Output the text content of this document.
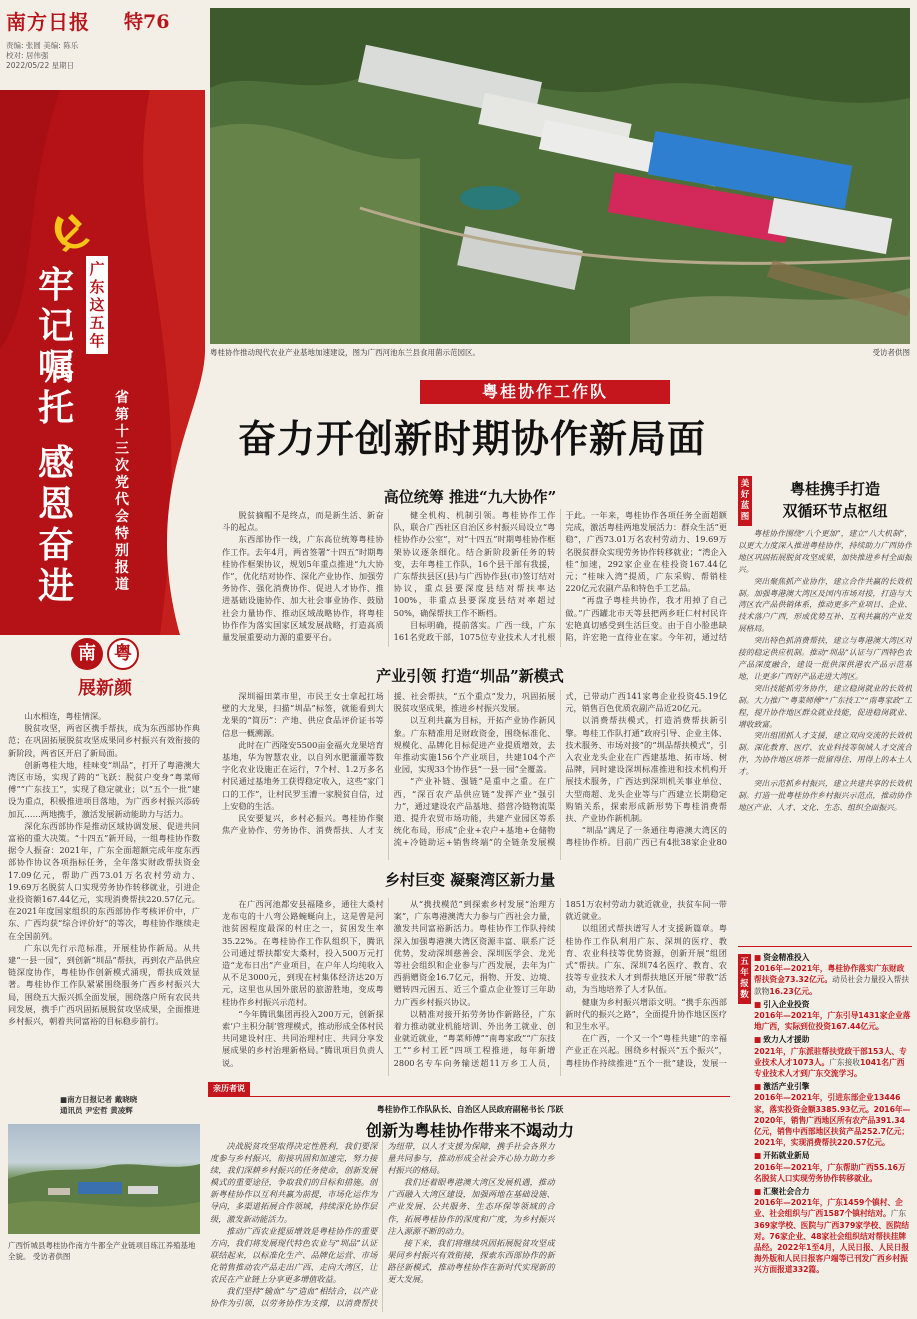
南方日报	特76
责编: 张圆 美编: 陈乐
校对: 居伟强
2022/05/22 星期日
牢
记
嘱
托
感
恩
奋
进
广
东
这
五
年
省
第
十
三
次
党
代
会
特
别
报
道
南	粤
展新颜

山水相连，粤桂情深。

脱贫攻坚，两省区携手帮扶，成为东西部协作典范；在巩固拓展脱贫攻坚成果同乡村振兴有效衔接的新阶段，两省区开启了新局面。

创新粤桂大地，桂味变“圳品”，打开了粤港澳大湾区市场，实现了跨的“飞跃：脱贫户变身“粤菜师傅”“广东技工”，实现了稳定就业；以“五个一批”建设为重点，积极推进项目落地，为广西乡村振兴添砖加瓦……两地携手，激活发展新动能助力与活力。

深化东西部协作是推动区域协调发展、促进共同富裕的重大决策。“十四五”新开局，一组粤桂协作数据令人振奋：2021年，广东全面超额完成年度东西部协作协议各项指标任务，全年落实财政帮扶资金17.09亿元，帮助广西73.01万名农村劳动力、19.69万名脱贫人口实现劳务协作转移就业，引进企业投资额167.44亿元，实现消费帮扶220.57亿元。在2021年度国家组织的东西部协作考核评价中，广东、广西均获“综合评价好”的等次，粤桂协作继续走在全国前列。

广东以先行示范标准，开展桂协作新局。从共建“一县一园”，到创新“圳品”帮扶，再到农产品供应链深度协作，粤桂协作创新模式涌现，帮扶成效显著。粤桂协作工作队紧紧围绕服务广西乡村振兴大局，围绕五大振兴抓全面发展，围绕落户所有农民共同发展，携手广西巩固拓展脱贫攻坚成果，全面推进乡村振兴，朝着共同富裕的目标稳步前行。

■南方日报记者 戴晓晓
通讯员 尹宏哲 黄凌辉
广西忻城县粤桂协作南方牛都全产业链项目练江养殖基地全貌。 受访者供图
粤桂协作推动现代农业产业基地加速建设，图为广西河池东兰县食用菌示范园区。	受访者供图
粤桂协作工作队
奋力开创新时期协作新局面
高位统筹 推进“九大协作”

脱贫摘帽不是终点，而是新生活、新奋斗的起点。

东西部协作一线，广东高位统筹粤桂协作工作。去年4月，两省签署“十四五”时期粤桂协作框架协议，规划5年重点推进“九大协作”，优化结对协作、深化产业协作、加强劳务协作、强化消费协作、促进人才协作、推进基础设施协作、加大社会事业协作、鼓励社会力量协作、推动区域战略协作，将粤桂协作作为落实国家区域发展战略，打造高质量发展重要动力源的重要平台。

健全机构、机制引领。粤桂协作工作队，联合广西社区自治区乡村振兴局设立“粤桂协作办公室”，对“十四五”时期粤桂协作框架协议逐条细化。结合新阶段新任务的转变，去年粤桂工作队，16个县干部有我援，广东帮扶县区(县)与广西协作县(市)签订结对协议，重点县要深度县结对帮扶率达100%，非重点县要深度县结对率超过50%，确保帮扶工作不断档。

目标明确，提前落实。广西一线，广东161名党政干部，1075位专业技术人才扎根于此。一年来，粤桂协作各项任务全面超额完成，激活粤桂两地发展活力：群众生活“更稳”，广西73.01万名农村劳动力、19.69万名脱贫群众实现劳务协作转移就业；“湾企入桂”加速，292家企业在桂投资167.44亿元；“桂味入湾”提质，广东采购、帮销桂220亿元农副产品和特色手工艺品。

“再盘子粤桂共协作，我才用掉了自己做。”广西罐北市天等县把两乡旺仁村村民许宏艳真切感受到生活巨变。由于自小脸患缺陷，许宏艳一直待业在家。今年初，通过结

产业引领 打造“圳品”新模式

深圳福田菜市里，市民王女士拿起扛场壁的大龙果，扫描“圳品”标签，就能看到大龙果的“简历”：产地、供应食品评价证书等信息一概溯源。

此时在广西隆安5500亩金福火龙果培育基地，华为智慧农业，以自列水肥灌灌等数字化农业设施正在运行，7个村、1.2万多名村民通过基地务工获得稳定收入，这些“家门口的工作”，让村民罗玉漕一家脱贫自信，过上安稳的生活。

民安要复兴，乡村必振兴。粤桂协作聚焦产业协作、劳务协作、消费帮扶、人才支援、社会帮扶，“五个重点”发力，巩固拓展脱贫攻坚成果，推进乡村振兴发展。

以互利共赢为目标，开拓产业协作新风象。广东精准用足财政资金，围绕标准化、规模化、品牌化目标促进产业提质增效，去年推动实施156个产业项目，共建104个产业园，实现33个协作县“一县一园”全覆盖。

“产业补链、强链”是重中之重。在广西，“深百农产品供应链”发挥产业“强引力”，通过建设农产品基地、搭营冷链物流渠道、提升农贸市场功能，共建产业园区等系统化布局，形成“企业+农户+基地+仓储物流+冷链助运+销售终端”的全链条发展模式，已带动广西141家粤企业投资45.19亿元，销售百色优质农副产品近20亿元。

以消费帮扶模式，打造消费帮扶新引擎。粤桂工作队打通“政府引导、企业主体、技术服务、市场对接”的“圳品帮扶模式”，引入农业龙头企业在广西建基地、拓市场、树品牌，同时建设深圳标准推进和技术机构开展技术服务，广西达到深圳机关事业单位、大型商超、龙头企业等与广西建立长期稳定购销关系，探索形成新形势下粤桂消费帮扶、产业协作新机制。

“圳品”满足了一条通往粤港澳大湾区的粤桂协作桥。目前广西已有4批38家企业80

乡村巨变 凝聚湾区新力量

在广西河池都安县福隆乡，通往大桑村龙布屯的十八弯公路蜿蜒向上，这是曾是河池贫困程度最深的村庄之一，贫困发生率35.22%。在粤桂协作工作队组织下，腾讯公司通过帮扶都安大桑村，投入500万元打造“龙布日出”产业项目，在户年人均纯收入从不足3000元，到现在村集体经济达20万元，这里也从国外旅居的旅游胜地，变成粤桂协作乡村振兴示范村。

“今年腾讯集团再投入200万元，创新探索‘户主积分制’管理模式，推动形成全体村民共同建设村庄、共同治理村庄、共同分享发展成果的乡村治理新格局。”腾讯项目负责人说。

从“携找模范”到探索乡村发展“治理方案”，广东粤港澳湾大力参与广西社会力量，激发共同富裕新活力。粤桂协作工作队持续深入加强粤港澳大湾区资源丰富、联系广泛优势，发动深圳慈善会、深圳医学会、龙光等社会组织和企业参与广西发展，去年为广西捐赠资金16.7亿元，捐物、开发、边境、赠转四元困五、近三个重点企业签订三年助力广西乡村振兴协议。

以精准对接开拓劳务协作新路径，广东着力推动就业机能培训、外出务工就业、创业就近就业，“粤菜师傅”“南粤家政”“广东技工”“乡村工匠”四项工程推进，每年新增2800名专车向务输送超11万乡工人员，1851万农村劳动力就近就业，扶贫车间一带就近就业。

以组团式帮扶谱写人才支援新篇章。粤桂协作工作队利用广东、深圳的医疗、教育、农业科技等优势资源，创新开展“组团式”帮扶。广东、深圳74名医疗、教育、农技等专业技术人才到帮扶地区开展“带教”活动，为当地培养了人才队伍。

健康为乡村振兴增添文明。“携手东西部新时代的振兴之路”，全面提升协作地区医疗和卫生水平。

在广西，一个又一个“粤桂共建”的幸福产业正在兴起。围绕乡村振兴“五个振兴”，粤桂协作持续推进“五个一批”建设，发展一

亲历者说
粤桂协作工作队队长、自治区人民政府副秘书长 邝跃
创新为粤桂协作带来不竭动力

决战脱贫攻坚取得决定性胜利，我们要深度参与乡村振兴，衔接巩固和加速完，努力接续，我们深耕乡村振兴的任务使命，创新发展模式的重要途径，争取我们的目标和措施。创新粤桂协作以互利共赢为前提，市场化运作为导向，多渠道拓展合作领域，持续深化协作层级，激发新动能活力。

推动广西农业提质增效是粤桂协作的重要方向，我们将发展现代特色农业与“圳品”认证联结起来，以标准化生产、品牌化运营、市场化销售推动农产品走出广西、走向大湾区，让农民在产业链上分享更多增值收益。

我们坚持“输血”与“造血”相结合，以产业协作为引领，以劳务协作为支撑，以消费帮扶为纽带，以人才支援为保障，携手社会各界力量共同参与，推动形成全社会齐心协力助力乡村振兴的格局。

我们还着眼粤港澳大湾区发展机遇，推动广西融入大湾区建设，加强两地在基础设施、产业发展、公共服务、生态环保等领域的合作，拓展粤桂协作的深度和广度，为乡村振兴注入源源不断的动力。

接下来，我们将继续巩固拓展脱贫攻坚成果同乡村振兴有效衔接，探索东西部协作的新路径新模式，推动粤桂协作在新时代实现新的更大发展。

美
好
蓝
图
粤桂携手打造
双循环节点枢纽

粤桂协作围绕“八个更加”，建立“八大机制”，以更大力度深入推进粤桂协作，持续助力广西协作地区巩固拓展脱贫攻坚成果，加快推进乡村全面振兴。

突出聚焦抓产业协作，建立合作共赢的长效机制。加强粤港澳大湾区及国内市场对接，打造与大湾区农产品供销体系，推动更多产业项目、企业、技术落户广西，形成优势互补、互利共赢的产业发展格局。

突出特色抓消费帮扶，建立与粤港澳大湾区对接的稳定供应机制。推动“圳品”认证与广西特色农产品深度融合，建设一批供深供港农产品示范基地，让更多广西好产品走进大湾区。

突出技能抓劳务协作，建立稳岗就业的长效机制。大力推广“粤菜师傅”“广东技工”“南粤家政”工程，提升协作地区群众就业技能，促进稳岗就业、增收致富。

突出组团抓人才支援，建立双向交流的长效机制。深化教育、医疗、农业科技等领域人才交流合作，为协作地区培养一批留得住、用得上的本土人才。

突出示范抓乡村振兴，建立共建共享的长效机制。打造一批粤桂协作乡村振兴示范点，推动协作地区产业、人才、文化、生态、组织全面振兴。

五
年
报
数
■ 资金精准投入
2016年—2021年，粤桂协作落实广东财政帮扶资金73.32亿元。动员社会力量投入帮扶款物16.23亿元。
■ 引入企业投资
2016年—2021年，广东引导1431家企业落地广西，实际到位投资167.44亿元。
■ 致力人才援助
2021年，广东派驻帮扶党政干部153人、专业技术人才1073人。广东接收1041名广西专业技术人才到广东交流学习。
■ 激活产业引擎
2016年—2021年，引进东部企业13446家，落实投资金额3385.93亿元。2016年—2020年，销售广西地区所有农产品391.34亿元，销售中西部地区扶贫产品252.7亿元；2021年，实现消费帮扶220.57亿元。
■ 开拓就业新局
2016年—2021年，广东帮助广西55.16万名脱贫人口实现劳务协作转移就业。
■ 汇聚社会合力
2016年—2021年，广东1459个镇村、企业、社会组织与广西1587个镇村结对。广东369家学校、医院与广西379家学校、医院结对。76家企业、48家社会组织结对帮扶挂牌品经。2022年1至4月，人民日报、人民日报海外版和人民日报客户端等已刊发广西乡村振兴方面报道332篇。
